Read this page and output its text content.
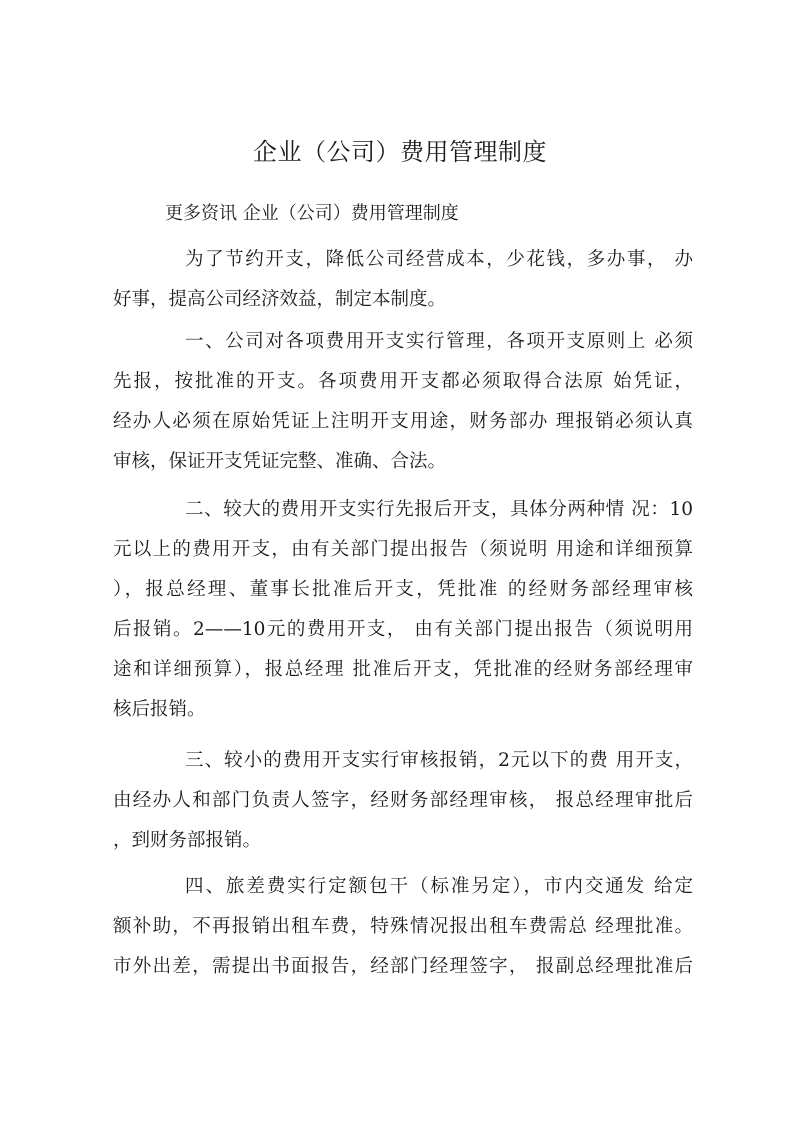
企业（公司）费用管理制度
更多资讯 企业（公司）费用管理制度
为了节约开支，降低公司经营成本，少花钱，多办事， 办
好事，提高公司经济效益，制定本制度。
一、公司对各项费用开支实行管理，各项开支原则上 必须
先报，按批准的开支。各项费用开支都必须取得合法原 始凭证，
经办人必须在原始凭证上注明开支用途，财务部办 理报销必须认真
审核，保证开支凭证完整、准确、合法。
二、较大的费用开支实行先报后开支，具体分两种情 况：10
元以上的费用开支，由有关部门提出报告（须说明 用途和详细预算
），报总经理、董事长批准后开支，凭批准 的经财务部经理审核
后报销。2——10元的费用开支， 由有关部门提出报告（须说明用
途和详细预算），报总经理 批准后开支，凭批准的经财务部经理审
核后报销。
三、较小的费用开支实行审核报销，2元以下的费 用开支，
由经办人和部门负责人签字，经财务部经理审核， 报总经理审批后
，到财务部报销。
四、旅差费实行定额包干（标准另定），市内交通发 给定
额补助，不再报销出租车费，特殊情况报出租车费需总 经理批准。
市外出差，需提出书面报告，经部门经理签字， 报副总经理批准后
